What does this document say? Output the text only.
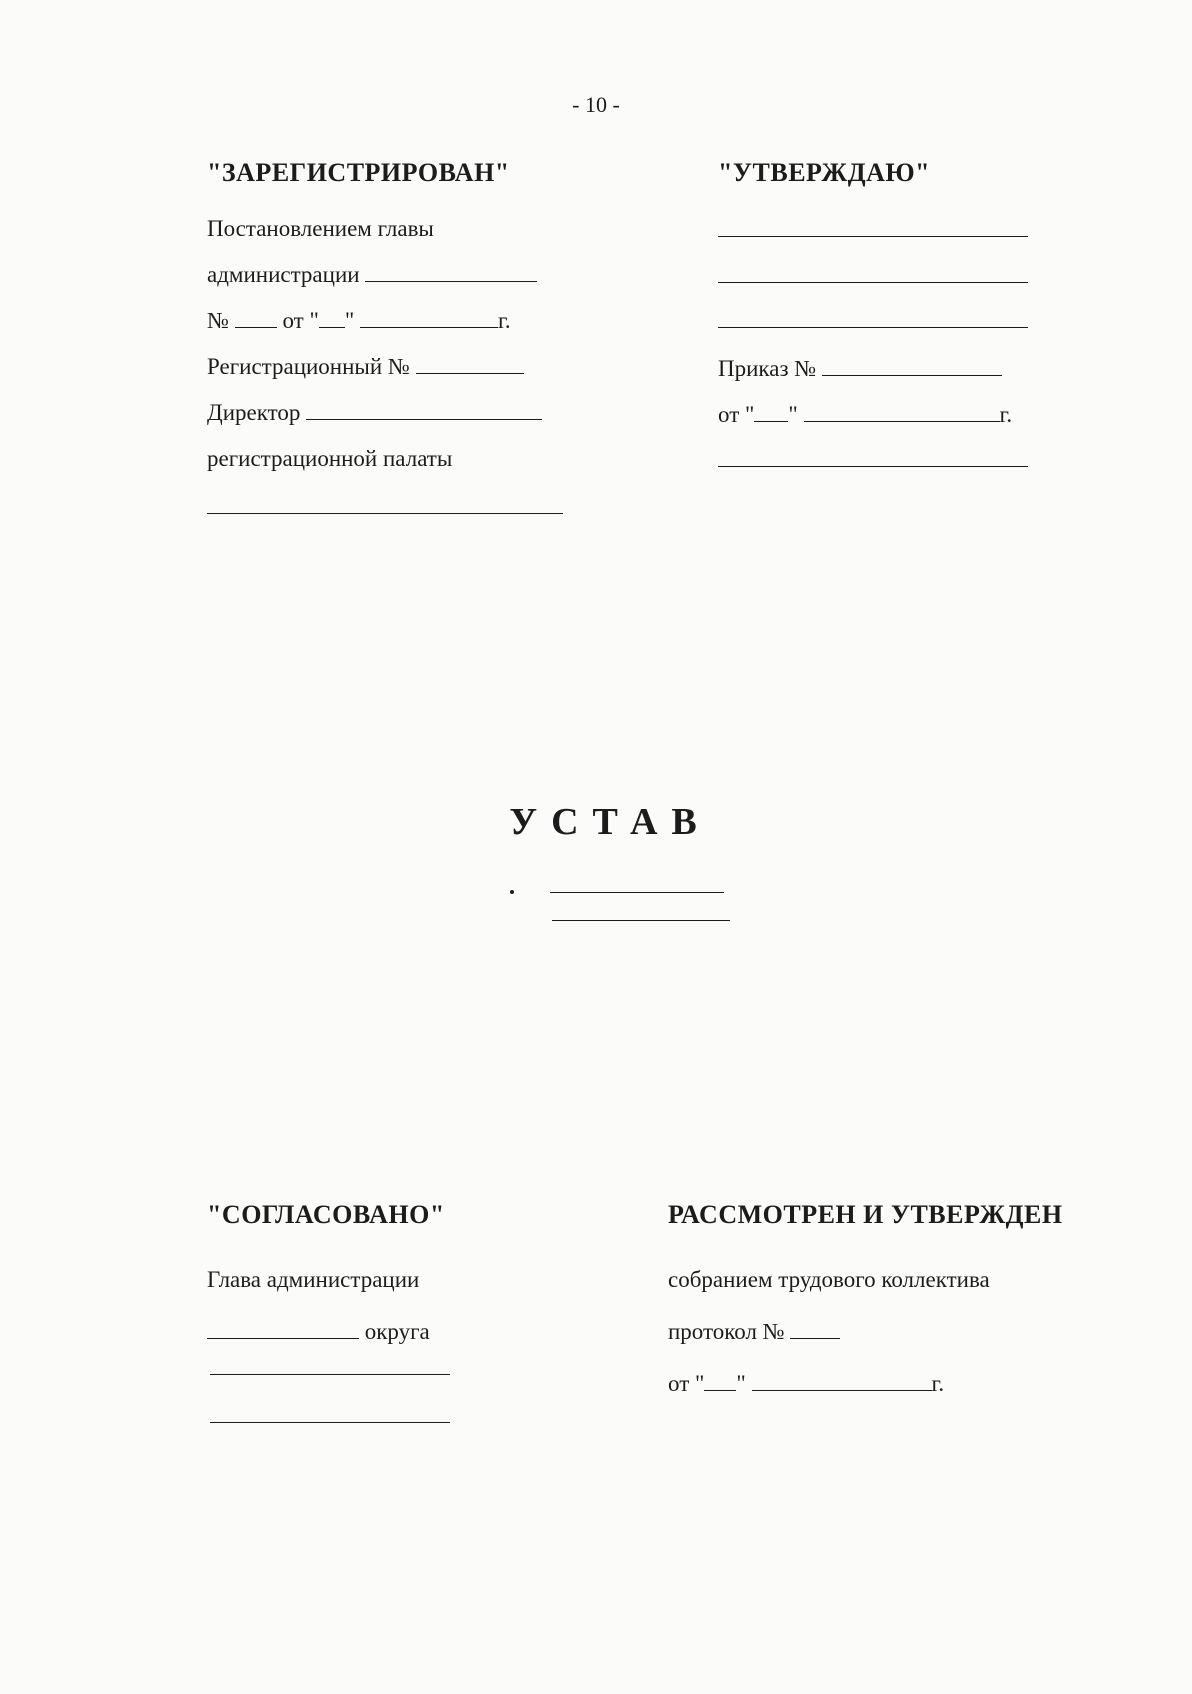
- 10 -
"ЗАРЕГИСТРИРОВАН"
Постановлением главы
администрации
№ от " "	г.
Регистрационный №
Директор
регистрационной палаты
"УТВЕРЖДАЮ"
Приказ №
от " "	г.
УСТАВ
"СОГЛАСОВАНО"
Глава администрации
округа
РАССМОТРЕН И УТВЕРЖДЕН
собранием трудового коллектива
протокол №
от " "	г.
